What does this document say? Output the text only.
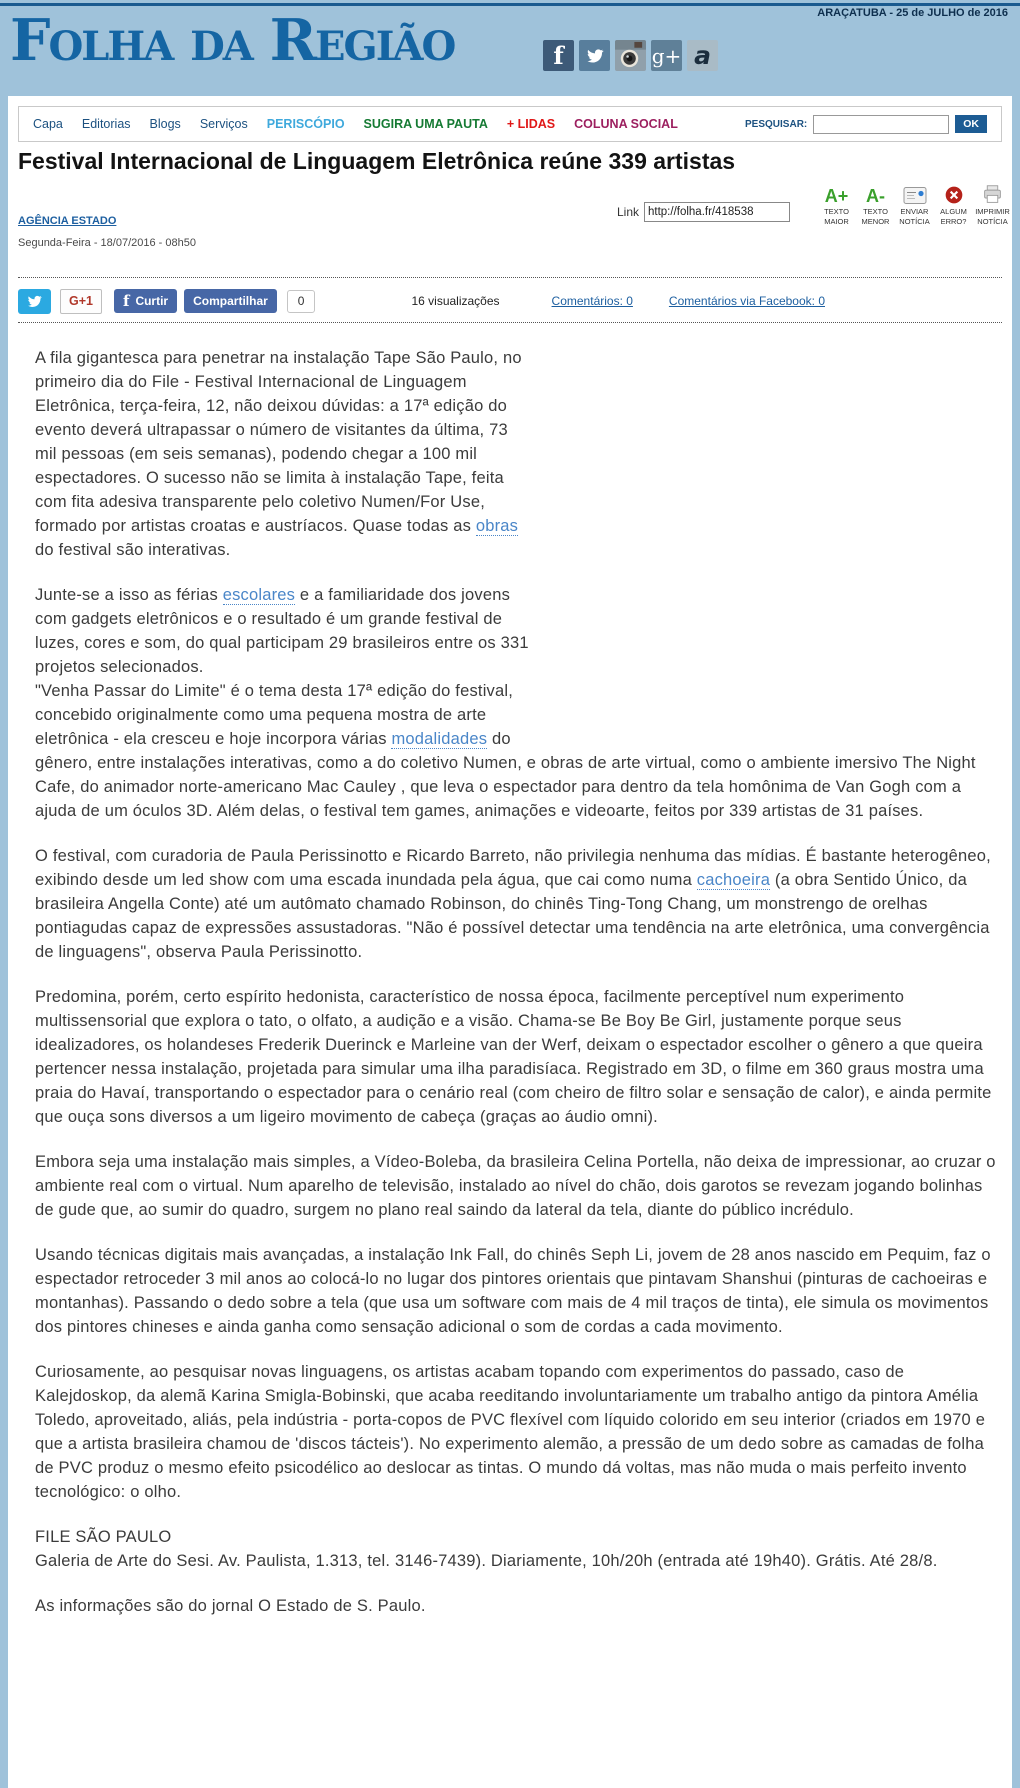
ARAÇATUBA - 25 de JULHO de 2016
Folha da Região	f	g+ a
Capa Editorias Blogs Serviços PERISCÓPIO SUGIRA UMA PAUTA + LIDAS COLUNA SOCIAL	PESQUISAR:	OK
Festival Internacional de Linguagem Eletrônica reúne 339 artistas
AGÊNCIA ESTADO
Segunda-Feira - 18/07/2016 - 08h50
Link
http://folha.fr/418538
A+
TEXTO
MAIOR
A-
TEXTO
MENOR
ENVIAR
NOTÍCIA
ALGUM
ERRO?
IMPRIMIR
NOTÍCIA
G+1	f Curtir Compartilhar	0	16 visualizações	Comentários: 0	Comentários via Facebook: 0

A fila gigantesca para penetrar na instalação Tape São Paulo, no primeiro dia do File - Festival Internacional de Linguagem Eletrônica, terça-feira, 12, não deixou dúvidas: a 17ª edição do evento deverá ultrapassar o número de visitantes da última, 73 mil pessoas (em seis semanas), podendo chegar a 100 mil espectadores. O sucesso não se limita à instalação Tape, feita com fita adesiva transparente pelo coletivo Numen/For Use, formado por artistas croatas e austríacos. Quase todas as obras do festival são interativas.

Junte-se a isso as férias escolares e a familiaridade dos jovens com gadgets eletrônicos e o resultado é um grande festival de luzes, cores e som, do qual participam 29 brasileiros entre os 331 projetos selecionados.
"Venha Passar do Limite" é o tema desta 17ª edição do festival, concebido originalmente como uma pequena mostra de arte eletrônica - ela cresceu e hoje incorpora várias modalidades do gênero, entre instalações interativas, como a do coletivo Numen, e obras de arte virtual, como o ambiente imersivo The Night Cafe, do animador norte-americano Mac Cauley , que leva o espectador para dentro da tela homônima de Van Gogh com a ajuda de um óculos 3D. Além delas, o festival tem games, animações e videoarte, feitos por 339 artistas de 31 países.

O festival, com curadoria de Paula Perissinotto e Ricardo Barreto, não privilegia nenhuma das mídias. É bastante heterogêneo, exibindo desde um led show com uma escada inundada pela água, que cai como numa cachoeira (a obra Sentido Único, da brasileira Angella Conte) até um autômato chamado Robinson, do chinês Ting-Tong Chang, um monstrengo de orelhas pontiagudas capaz de expressões assustadoras. "Não é possível detectar uma tendência na arte eletrônica, uma convergência de linguagens", observa Paula Perissinotto.

Predomina, porém, certo espírito hedonista, característico de nossa época, facilmente perceptível num experimento multissensorial que explora o tato, o olfato, a audição e a visão. Chama-se Be Boy Be Girl, justamente porque seus idealizadores, os holandeses Frederik Duerinck e Marleine van der Werf, deixam o espectador escolher o gênero a que queira pertencer nessa instalação, projetada para simular uma ilha paradisíaca. Registrado em 3D, o filme em 360 graus mostra uma praia do Havaí, transportando o espectador para o cenário real (com cheiro de filtro solar e sensação de calor), e ainda permite que ouça sons diversos a um ligeiro movimento de cabeça (graças ao áudio omni).

Embora seja uma instalação mais simples, a Vídeo-Boleba, da brasileira Celina Portella, não deixa de impressionar, ao cruzar o ambiente real com o virtual. Num aparelho de televisão, instalado ao nível do chão, dois garotos se revezam jogando bolinhas de gude que, ao sumir do quadro, surgem no plano real saindo da lateral da tela, diante do público incrédulo.

Usando técnicas digitais mais avançadas, a instalação Ink Fall, do chinês Seph Li, jovem de 28 anos nascido em Pequim, faz o espectador retroceder 3 mil anos ao colocá-lo no lugar dos pintores orientais que pintavam Shanshui (pinturas de cachoeiras e montanhas). Passando o dedo sobre a tela (que usa um software com mais de 4 mil traços de tinta), ele simula os movimentos dos pintores chineses e ainda ganha como sensação adicional o som de cordas a cada movimento.

Curiosamente, ao pesquisar novas linguagens, os artistas acabam topando com experimentos do passado, caso de Kalejdoskop, da alemã Karina Smigla-Bobinski, que acaba reeditando involuntariamente um trabalho antigo da pintora Amélia Toledo, aproveitado, aliás, pela indústria - porta-copos de PVC flexível com líquido colorido em seu interior (criados em 1970 e que a artista brasileira chamou de 'discos tácteis'). No experimento alemão, a pressão de um dedo sobre as camadas de folha de PVC produz o mesmo efeito psicodélico ao deslocar as tintas. O mundo dá voltas, mas não muda o mais perfeito invento tecnológico: o olho.

FILE SÃO PAULO
Galeria de Arte do Sesi. Av. Paulista, 1.313, tel. 3146-7439). Diariamente, 10h/20h (entrada até 19h40). Grátis. Até 28/8.

As informações são do jornal O Estado de S. Paulo.
